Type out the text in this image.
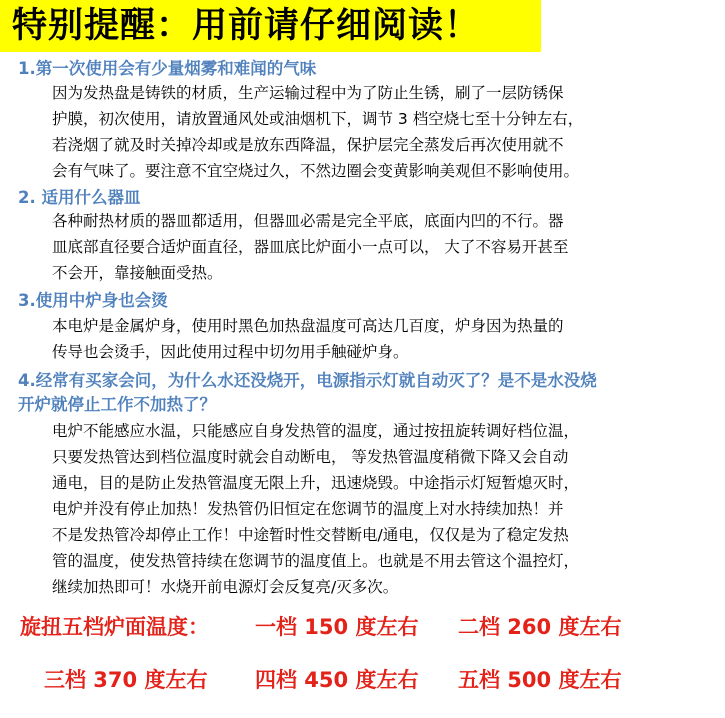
特别提醒：用前请仔细阅读！
1.第一次使用会有少量烟雾和难闻的气味
因为发热盘是铸铁的材质，生产运输过程中为了防止生锈，刷了一层防锈保
护膜，初次使用，请放置通风处或油烟机下，调节 3 档空烧七至十分钟左右，
若浇烟了就及时关掉冷却或是放东西降温，保护层完全蒸发后再次使用就不
会有气味了。要注意不宜空烧过久，不然边圈会变黄影响美观但不影响使用。
2. 适用什么器皿
各种耐热材质的器皿都适用，但器皿必需是完全平底，底面内凹的不行。器
皿底部直径要合适炉面直径，器皿底比炉面小一点可以， 大了不容易开甚至
不会开，靠接触面受热。
3.使用中炉身也会烫
本电炉是金属炉身，使用时黑色加热盘温度可高达几百度，炉身因为热量的
传导也会烫手，因此使用过程中切勿用手触碰炉身。
4.经常有买家会问，为什么水还没烧开，电源指示灯就自动灭了？是不是水没烧
开炉就停止工作不加热了？
电炉不能感应水温，只能感应自身发热管的温度，通过按扭旋转调好档位温，
只要发热管达到档位温度时就会自动断电， 等发热管温度稍微下降又会自动
通电，目的是防止发热管温度无限上升，迅速烧毁。中途指示灯短暂熄灭时，
电炉并没有停止加热！发热管仍旧恒定在您调节的温度上对水持续加热！并
不是发热管冷却停止工作！中途暂时性交替断电/通电，仅仅是为了稳定发热
管的温度，使发热管持续在您调节的温度值上。也就是不用去管这个温控灯，
继续加热即可！水烧开前电源灯会反复亮/灭多次。
旋扭五档炉面温度： 一档 150 度左右 二档 260 度左右
三档 370 度左右 四档 450 度左右 五档 500 度左右
